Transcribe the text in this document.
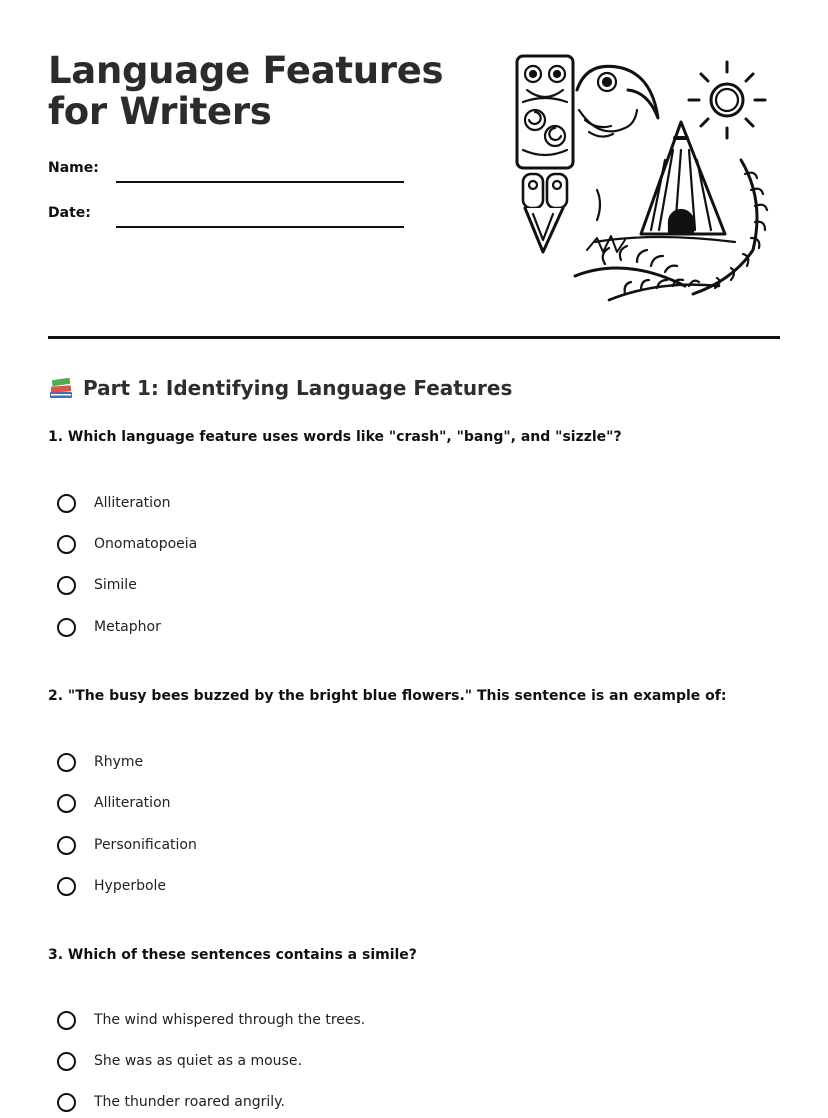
Language Features for Writers
Name:
Date:
Part 1: Identifying Language Features
1. Which language feature uses words like "crash", "bang", and "sizzle"?
Alliteration
Onomatopoeia
Simile
Metaphor
2. "The busy bees buzzed by the bright blue flowers." This sentence is an example of:
Rhyme
Alliteration
Personification
Hyperbole
3. Which of these sentences contains a simile?
The wind whispered through the trees.
She was as quiet as a mouse.
The thunder roared angrily.
